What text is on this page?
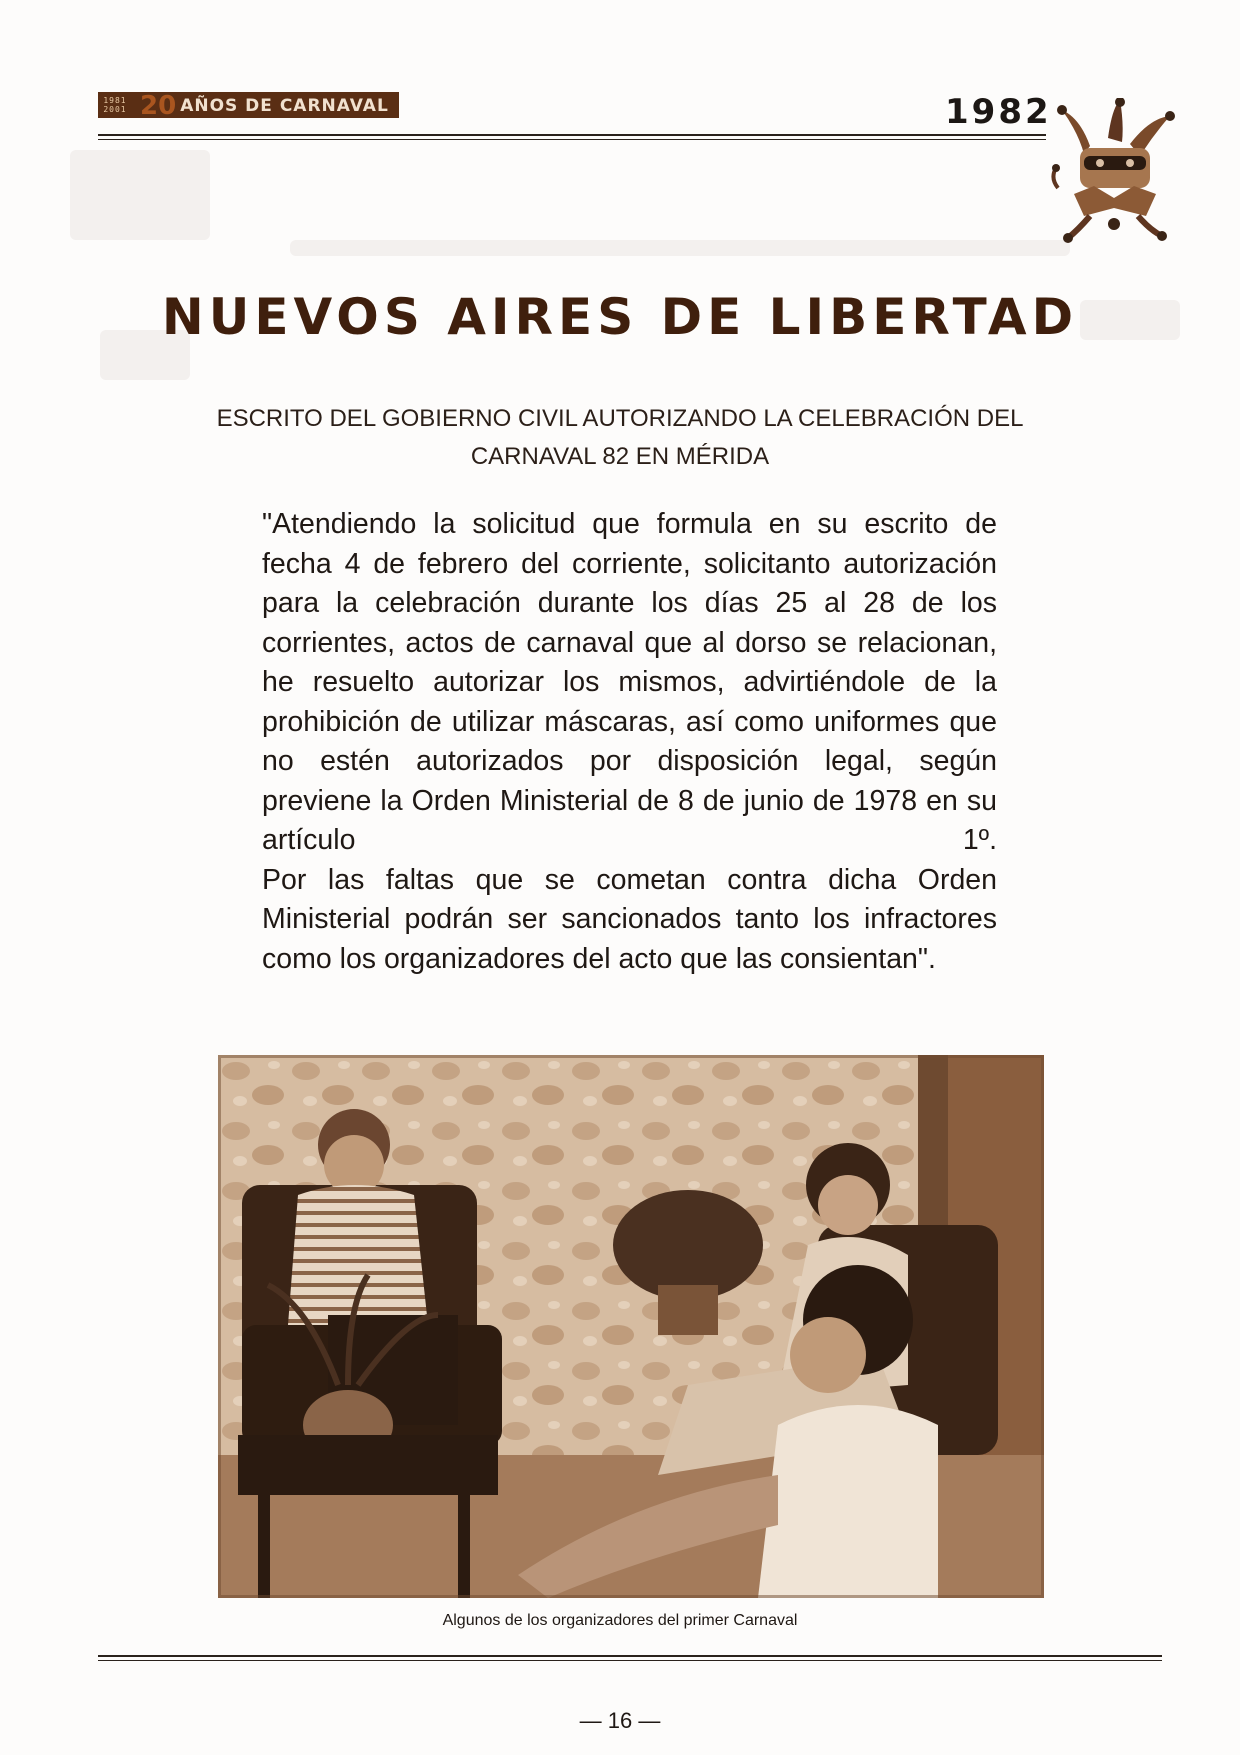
1981
2001 20 AÑOS DE CARNAVAL	1982
NUEVOS AIRES DE LIBERTAD
ESCRITO DEL GOBIERNO CIVIL AUTORIZANDO LA CELEBRACIÓN DEL CARNAVAL 82 EN MÉRIDA

"Atendiendo la solicitud que formula en su escrito de fecha 4 de febrero del corriente, solicitanto autorización para la celebración durante los días 25 al 28 de los corrientes, actos de carnaval que al dorso se relacionan, he resuelto autorizar los mismos, advirtiéndole de la prohibición de utilizar máscaras, así como uniformes que no estén autorizados por disposición legal, según previene la Orden Ministerial de 8 de junio de 1978 en su artículo 1º.

Por las faltas que se cometan contra dicha Orden Ministerial podrán ser sancionados tanto los infractores como los organizadores del acto que las consientan".

Algunos de los organizadores del primer Carnaval
— 16 —
